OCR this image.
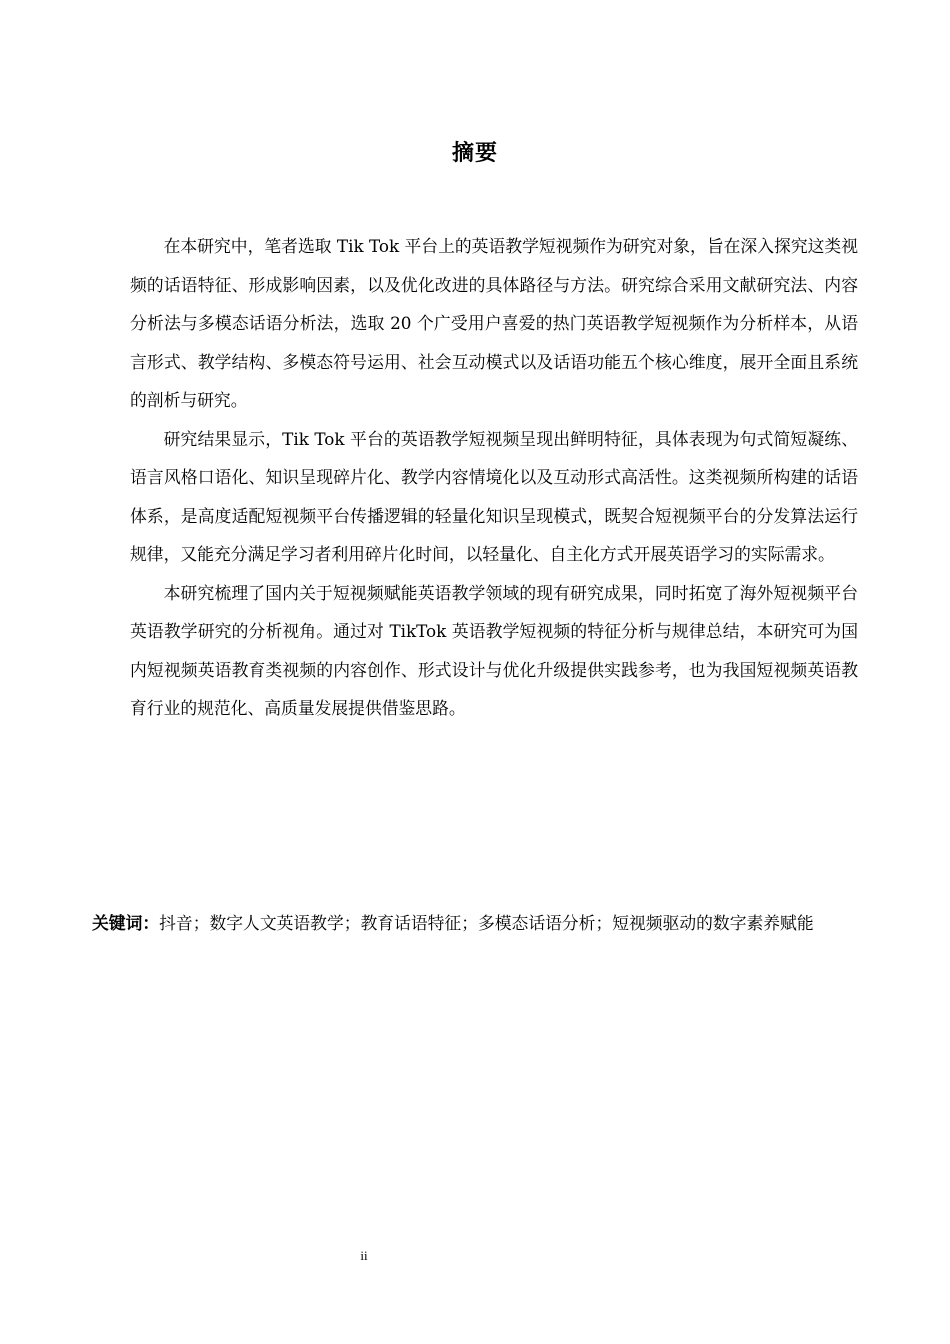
摘要

在本研究中，笔者选取 Tik Tok 平台上的英语教学短视频作为研究对象，旨在深入探究这类视频的话语特征、形成影响因素，以及优化改进的具体路径与方法。研究综合采用文献研究法、内容分析法与多模态话语分析法，选取 20 个广受用户喜爱的热门英语教学短视频作为分析样本，从语言形式、教学结构、多模态符号运用、社会互动模式以及话语功能五个核心维度，展开全面且系统的剖析与研究。

研究结果显示，Tik Tok 平台的英语教学短视频呈现出鲜明特征，具体表现为句式简短凝练、语言风格口语化、知识呈现碎片化、教学内容情境化以及互动形式高活性。这类视频所构建的话语体系，是高度适配短视频平台传播逻辑的轻量化知识呈现模式，既契合短视频平台的分发算法运行规律，又能充分满足学习者利用碎片化时间，以轻量化、自主化方式开展英语学习的实际需求。

本研究梳理了国内关于短视频赋能英语教学领域的现有研究成果，同时拓宽了海外短视频平台英语教学研究的分析视角。通过对 TikTok 英语教学短视频的特征分析与规律总结，本研究可为国内短视频英语教育类视频的内容创作、形式设计与优化升级提供实践参考，也为我国短视频英语教育行业的规范化、高质量发展提供借鉴思路。

关键词：抖音；数字人文英语教学；教育话语特征；多模态话语分析；短视频驱动的数字素养赋能
ii
